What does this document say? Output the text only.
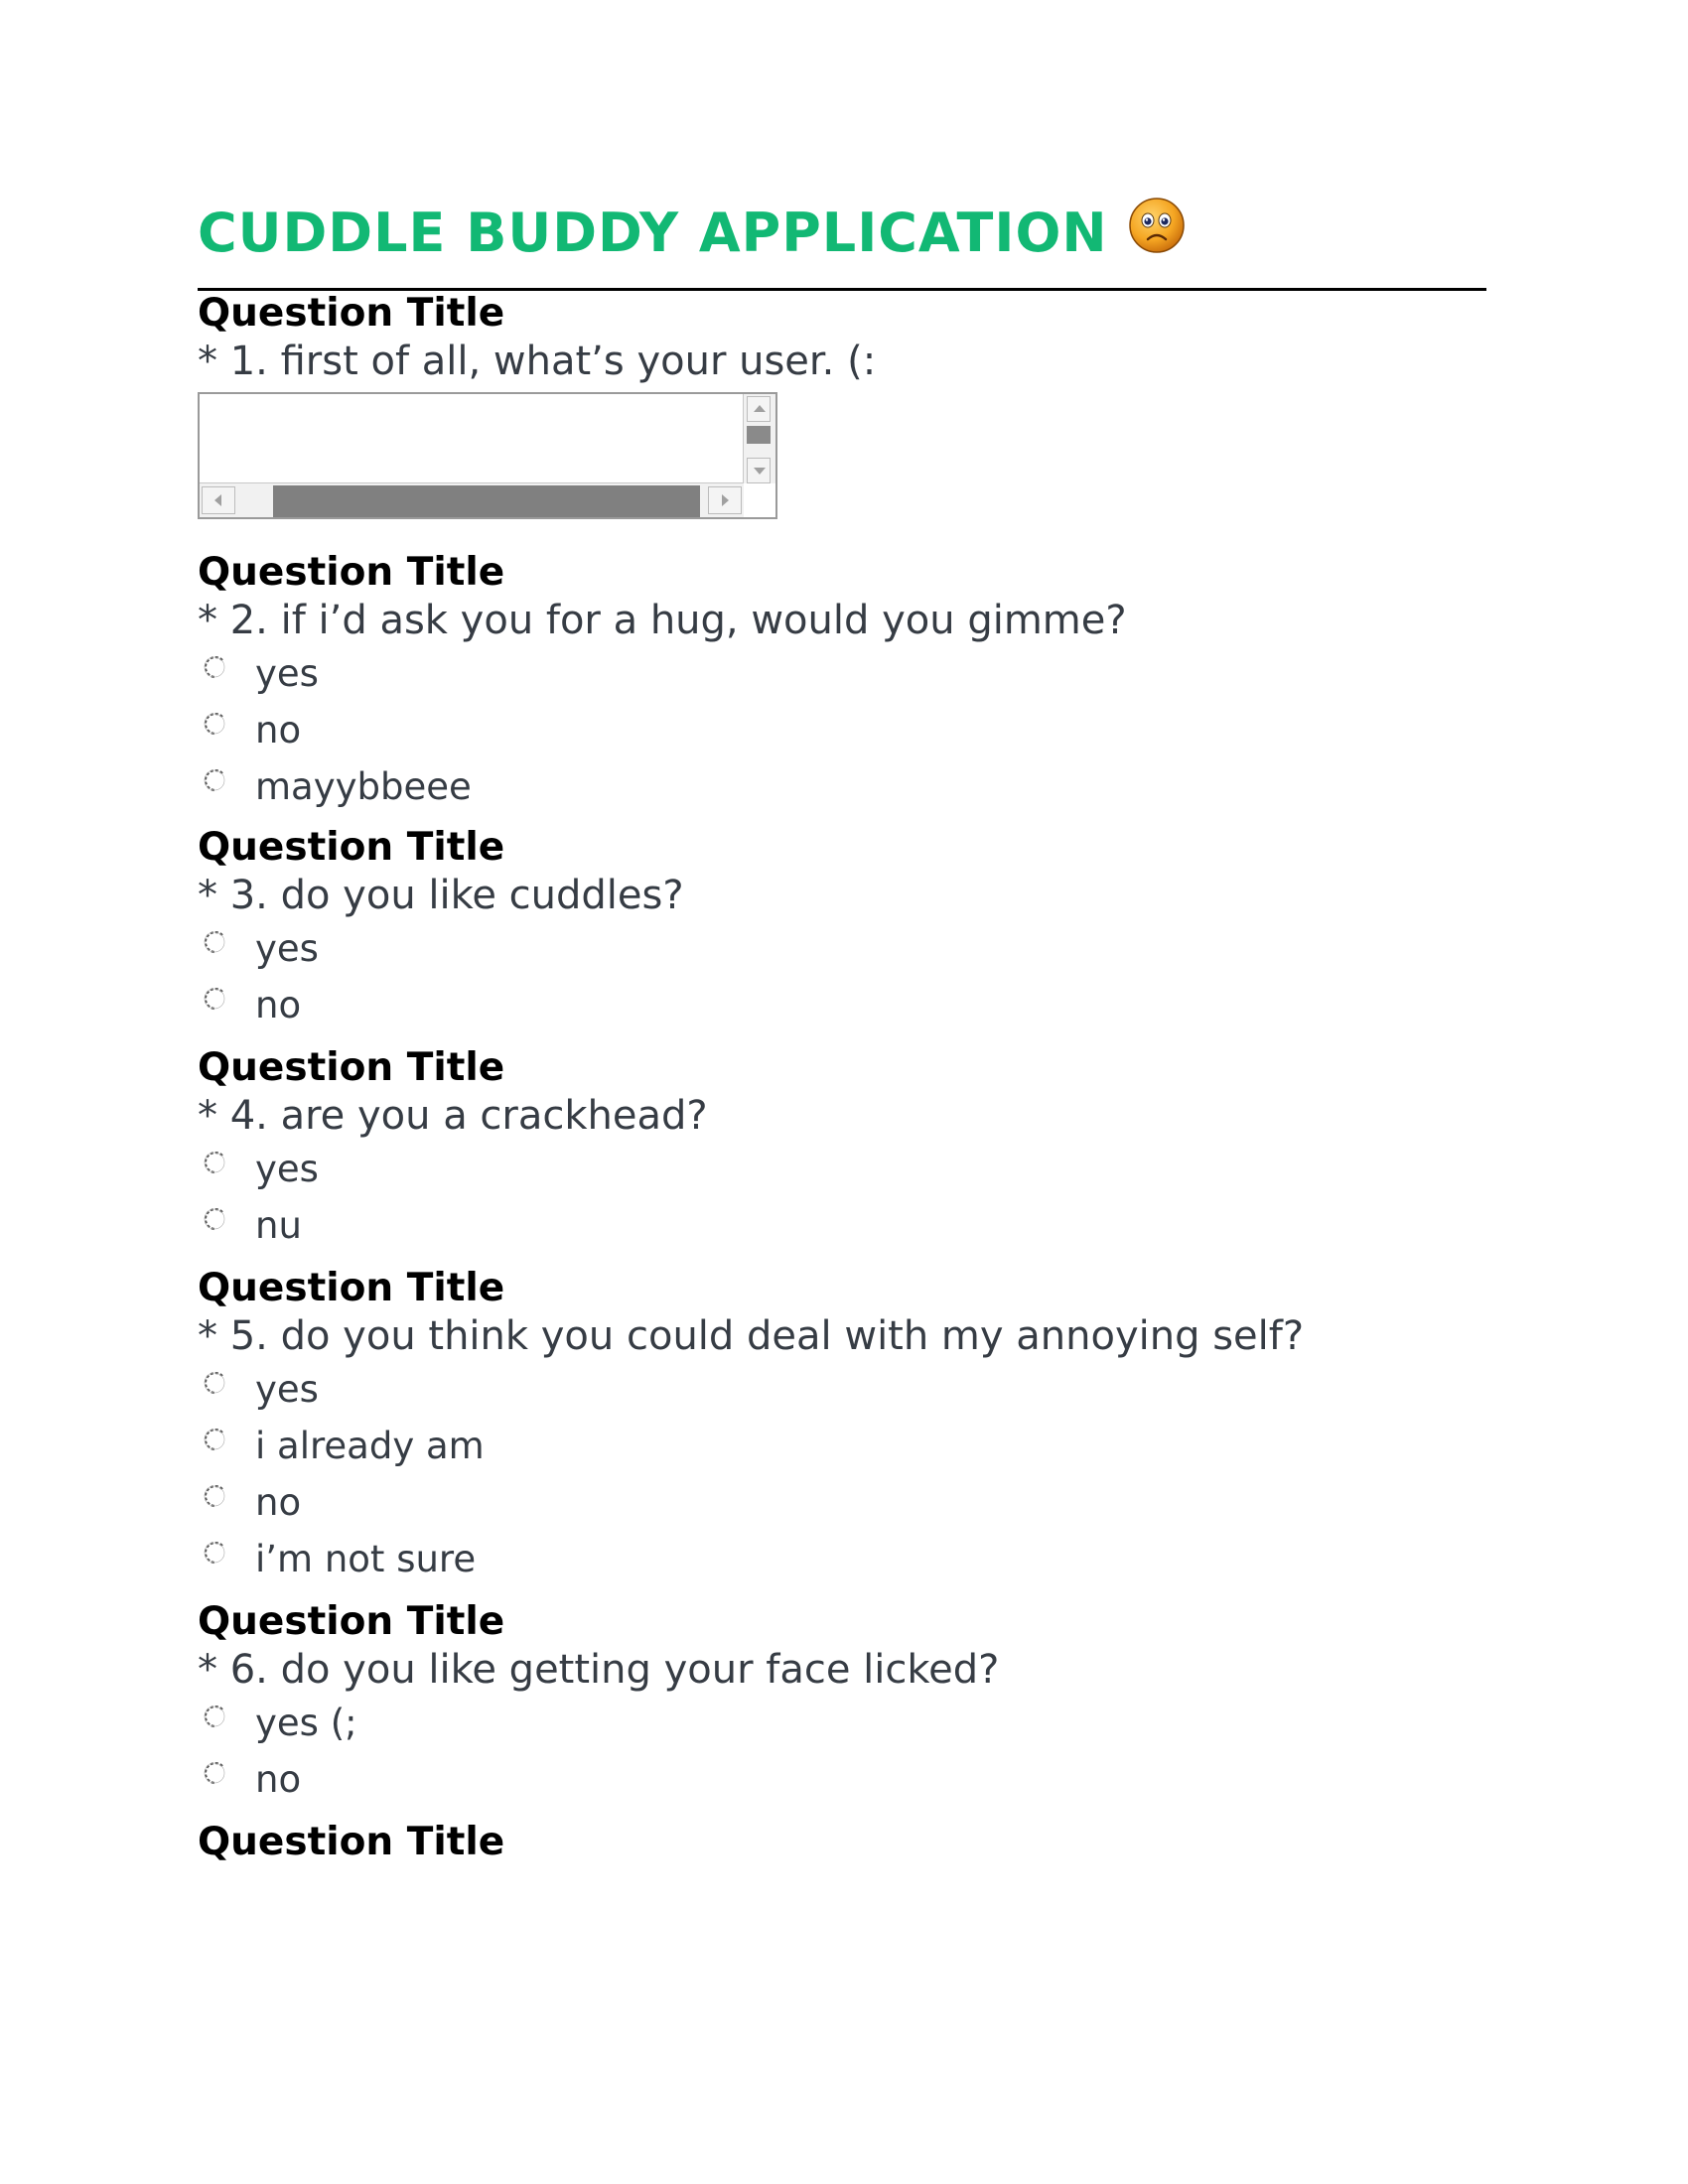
CUDDLE BUDDY APPLICATION
Question Title
* 1. first of all, what’s your user. (:
Question Title
* 2. if i’d ask you for a hug, would you gimme?
yes
no
mayybbeee
Question Title
* 3. do you like cuddles?
yes
no
Question Title
* 4. are you a crackhead?
yes
nu
Question Title
* 5. do you think you could deal with my annoying self?
yes
i already am
no
i’m not sure
Question Title
* 6. do you like getting your face licked?
yes (;
no
Question Title
